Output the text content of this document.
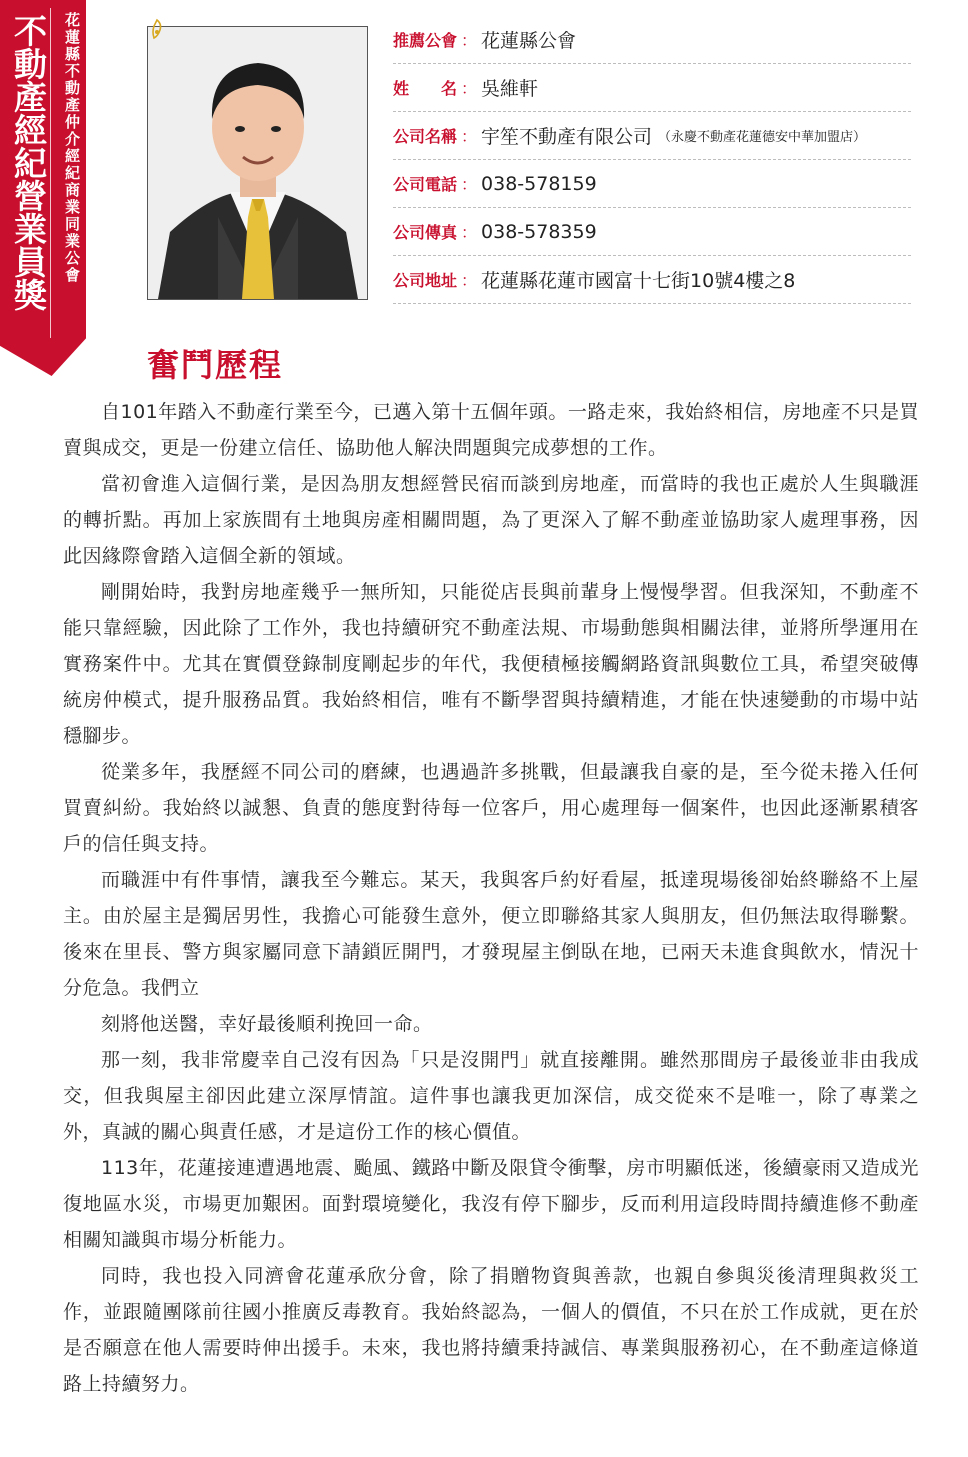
不動產經紀營業員獎	花蓮縣不動產仲介經紀商業同業公會	推薦公會 ： 花蓮縣公會
姓　　名 ： 吳維軒
公司名稱 ： 宇笙不動產有限公司 （永慶不動產花蓮德安中華加盟店）
公司電話 ： 038-578159
公司傳真 ： 038-578359
公司地址 ： 花蓮縣花蓮市國富十七街10號4樓之8
奮鬥歷程

自101年踏入不動產行業至今，已邁入第十五個年頭。一路走來，我始終相信，房地產不只是買賣與成交，更是一份建立信任、協助他人解決問題與完成夢想的工作。

當初會進入這個行業，是因為朋友想經營民宿而談到房地產，而當時的我也正處於人生與職涯的轉折點。再加上家族間有土地與房產相關問題，為了更深入了解不動產並協助家人處理事務，因此因緣際會踏入這個全新的領域。

剛開始時，我對房地產幾乎一無所知，只能從店長與前輩身上慢慢學習。但我深知，不動產不能只靠經驗，因此除了工作外，我也持續研究不動產法規、市場動態與相關法律，並將所學運用在實務案件中。尤其在實價登錄制度剛起步的年代，我便積極接觸網路資訊與數位工具，希望突破傳統房仲模式，提升服務品質。我始終相信，唯有不斷學習與持續精進，才能在快速變動的市場中站穩腳步。

從業多年，我歷經不同公司的磨練，也遇過許多挑戰，但最讓我自豪的是，至今從未捲入任何買賣糾紛。我始終以誠懇、負責的態度對待每一位客戶，用心處理每一個案件，也因此逐漸累積客戶的信任與支持。

而職涯中有件事情，讓我至今難忘。某天，我與客戶約好看屋，抵達現場後卻始終聯絡不上屋主。由於屋主是獨居男性，我擔心可能發生意外，便立即聯絡其家人與朋友，但仍無法取得聯繫。後來在里長、警方與家屬同意下請鎖匠開門，才發現屋主倒臥在地，已兩天未進食與飲水，情況十分危急。我們立

刻將他送醫，幸好最後順利挽回一命。

那一刻，我非常慶幸自己沒有因為「只是沒開門」就直接離開。雖然那間房子最後並非由我成交，但我與屋主卻因此建立深厚情誼。這件事也讓我更加深信，成交從來不是唯一，除了專業之外，真誠的關心與責任感，才是這份工作的核心價值。

113年，花蓮接連遭遇地震、颱風、鐵路中斷及限貸令衝擊，房市明顯低迷，後續豪雨又造成光復地區水災，市場更加艱困。面對環境變化，我沒有停下腳步，反而利用這段時間持續進修不動產相關知識與市場分析能力。

同時，我也投入同濟會花蓮承欣分會，除了捐贈物資與善款，也親自參與災後清理與救災工作，並跟隨團隊前往國小推廣反毒教育。我始終認為，一個人的價值，不只在於工作成就，更在於是否願意在他人需要時伸出援手。未來，我也將持續秉持誠信、專業與服務初心，在不動產這條道路上持續努力。
